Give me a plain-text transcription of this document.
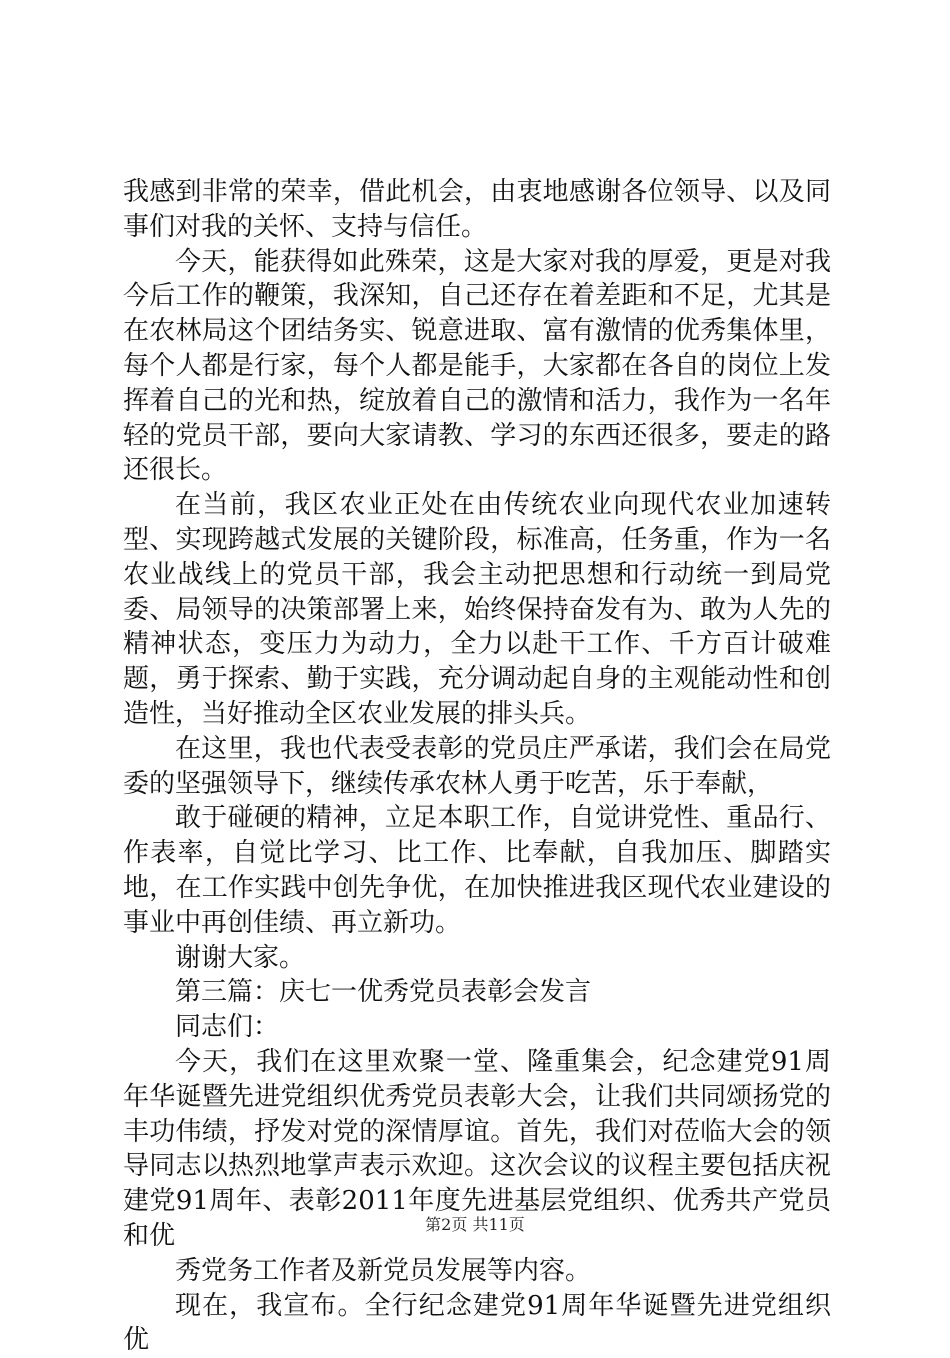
我感到非常的荣幸，借此机会，由衷地感谢各位领导、以及同事们对我的关怀、支持与信任。

今天，能获得如此殊荣，这是大家对我的厚爱，更是对我今后工作的鞭策，我深知，自己还存在着差距和不足，尤其是在农林局这个团结务实、锐意进取、富有激情的优秀集体里，每个人都是行家，每个人都是能手，大家都在各自的岗位上发挥着自己的光和热，绽放着自己的激情和活力，我作为一名年轻的党员干部，要向大家请教、学习的东西还很多，要走的路还很长。

在当前，我区农业正处在由传统农业向现代农业加速转型、实现跨越式发展的关键阶段，标准高，任务重，作为一名农业战线上的党员干部，我会主动把思想和行动统一到局党委、局领导的决策部署上来，始终保持奋发有为、敢为人先的精神状态，变压力为动力，全力以赴干工作、千方百计破难题，勇于探索、勤于实践，充分调动起自身的主观能动性和创造性，当好推动全区农业发展的排头兵。

在这里，我也代表受表彰的党员庄严承诺，我们会在局党委的坚强领导下，继续传承农林人勇于吃苦，乐于奉献，

敢于碰硬的精神，立足本职工作，自觉讲党性、重品行、作表率，自觉比学习、比工作、比奉献，自我加压、脚踏实地，在工作实践中创先争优，在加快推进我区现代农业建设的事业中再创佳绩、再立新功。

谢谢大家。

第三篇：庆七一优秀党员表彰会发言

同志们：

今天，我们在这里欢聚一堂、隆重集会，纪念建党91周年华诞暨先进党组织优秀党员表彰大会，让我们共同颂扬党的丰功伟绩，抒发对党的深情厚谊。首先，我们对莅临大会的领导同志以热烈地掌声表示欢迎。这次会议的议程主要包括庆祝建党91周年、表彰2011年度先进基层党组织、优秀共产党员和优

秀党务工作者及新党员发展等内容。

现在，我宣布。全行纪念建党91周年华诞暨先进党组织优

第2页 共11页
